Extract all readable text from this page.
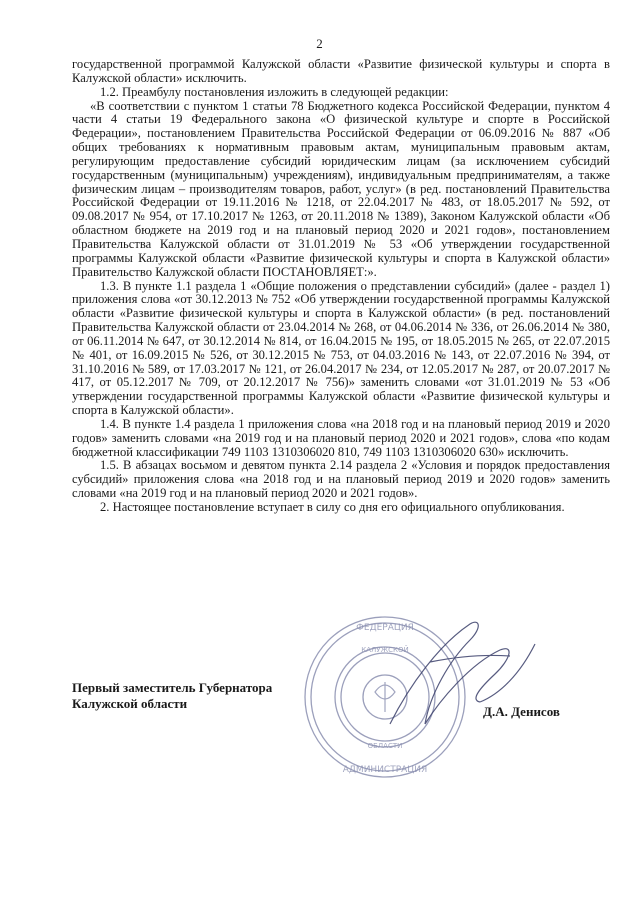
2

государственной программой Калужской области «Развитие физической культуры и спорта в Калужской области» исключить.

1.2. Преамбулу постановления изложить в следующей редакции:

«В соответствии с пунктом 1 статьи 78 Бюджетного кодекса Российской Федерации, пунктом 4 части 4 статьи 19 Федерального закона «О физической культуре и спорте в Российской Федерации», постановлением Правительства Российской Федерации от 06.09.2016 № 887 «Об общих требованиях к нормативным правовым актам, муниципальным правовым актам, регулирующим предоставление субсидий юридическим лицам (за исключением субсидий государственным (муниципальным) учреждениям), индивидуальным предпринимателям, а также физическим лицам – производителям товаров, работ, услуг» (в ред. постановлений Правительства Российской Федерации от 19.11.2016 № 1218, от 22.04.2017 № 483, от 18.05.2017 № 592, от 09.08.2017 № 954, от 17.10.2017 № 1263, от 20.11.2018 № 1389), Законом Калужской области «Об областном бюджете на 2019 год и на плановый период 2020 и 2021 годов», постановлением Правительства Калужской области от 31.01.2019 № 53 «Об утверждении государственной программы Калужской области «Развитие физической культуры и спорта в Калужской области» Правительство Калужской области ПОСТАНОВЛЯЕТ:».

1.3. В пункте 1.1 раздела 1 «Общие положения о представлении субсидий» (далее - раздел 1) приложения слова «от 30.12.2013 № 752 «Об утверждении государственной программы Калужской области «Развитие физической культуры и спорта в Калужской области» (в ред. постановлений Правительства Калужской области от 23.04.2014 № 268, от 04.06.2014 № 336, от 26.06.2014 № 380, от 06.11.2014 № 647, от 30.12.2014 № 814, от 16.04.2015 № 195, от 18.05.2015 № 265, от 22.07.2015 № 401, от 16.09.2015 № 526, от 30.12.2015 № 753, от 04.03.2016 № 143, от 22.07.2016 № 394, от 31.10.2016 № 589, от 17.03.2017 № 121, от 26.04.2017 № 234, от 12.05.2017 № 287, от 20.07.2017 № 417, от 05.12.2017 № 709, от 20.12.2017 № 756)» заменить словами «от 31.01.2019 № 53 «Об утверждении государственной программы Калужской области «Развитие физической культуры и спорта в Калужской области».

1.4. В пункте 1.4 раздела 1 приложения слова «на 2018 год и на плановый период 2019 и 2020 годов» заменить словами «на 2019 год и на плановый период 2020 и 2021 годов», слова «по кодам бюджетной классификации 749 1103 1310306020 810, 749 1103 1310306020 630» исключить.

1.5. В абзацах восьмом и девятом пункта 2.14 раздела 2 «Условия и порядок предоставления субсидий» приложения слова «на 2018 год и на плановый период 2019 и 2020 годов» заменить словами «на 2019 год и на плановый период 2020 и 2021 годов».

2. Настоящее постановление вступает в силу со дня его официального опубликования.

ФЕДЕРАЦИЯ
АДМИНИСТРАЦИЯ
КАЛУЖСКОЙ
ОБЛАСТИ
Первый заместитель Губернатора
Калужской области
Д.А. Денисов
